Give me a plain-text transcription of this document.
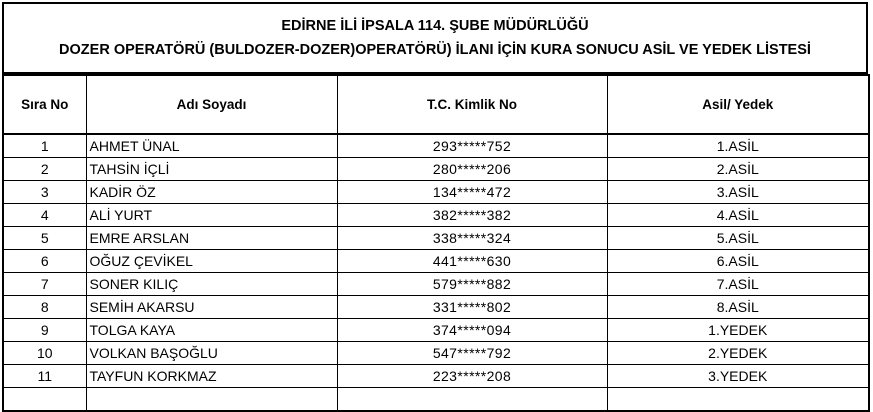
EDİRNE İLİ İPSALA 114. ŞUBE MÜDÜRLÜĞÜ
DOZER OPERATÖRÜ (BULDOZER-DOZER)OPERATÖRÜ) İLANI İÇİN KURA SONUCU ASİL VE YEDEK LİSTESİ
Sıra No	Adı Soyadı	T.C. Kimlik No	Asil/ Yedek
1	AHMET ÜNAL	293*****752	1.ASİL
2	TAHSİN İÇLİ	280*****206	2.ASİL
3	KADİR ÖZ	134*****472	3.ASİL
4	ALİ YURT	382*****382	4.ASİL
5	EMRE ARSLAN	338*****324	5.ASİL
6	OĞUZ ÇEVİKEL	441*****630	6.ASİL
7	SONER KILIÇ	579*****882	7.ASİL
8	SEMİH AKARSU	331*****802	8.ASİL
9	TOLGA KAYA	374*****094	1.YEDEK
10	VOLKAN BAŞOĞLU	547*****792	2.YEDEK
11	TAYFUN KORKMAZ	223*****208	3.YEDEK
